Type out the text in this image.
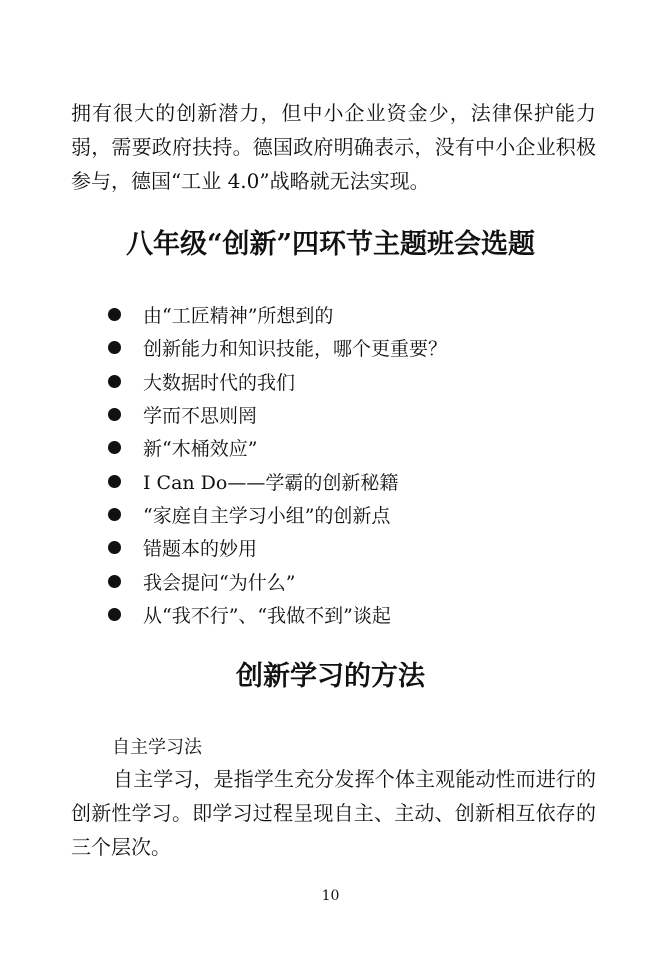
拥有很大的创新潜力，但中小企业资金少，法律保护能力弱，需要政府扶持。德国政府明确表示，没有中小企业积极参与，德国“工业 4.0”战略就无法实现。

八年级“创新”四环节主题班会选题
由“工匠精神”所想到的
创新能力和知识技能，哪个更重要？
大数据时代的我们
学而不思则罔
新“木桶效应”
I Can Do——学霸的创新秘籍
“家庭自主学习小组”的创新点
错题本的妙用
我会提问“为什么”
从“我不行”、“我做不到”谈起
创新学习的方法
自主学习法

自主学习，是指学生充分发挥个体主观能动性而进行的创新性学习。即学习过程呈现自主、主动、创新相互依存的三个层次。

10
